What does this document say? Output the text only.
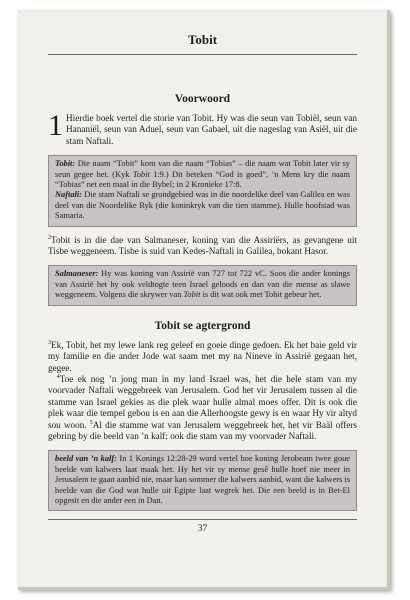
Tobit
Voorwoord

1 Hierdie boek vertel die storie van Tobit. Hy was die seun van Tobiël, seun van Hananiël, seun van Aduel, seun van Gabael, uit die nageslag van Asiël, uit die stam Naftali.

Tobit: Die naam “Tobit” kom van die naam “Tobias” – die naam wat Tobit later vir sy seun gegee het. (Kyk Tobit 1:9.) Dit beteken “God is goed”, ’n Mens kry die naam “Tobias” net een maal in die Bybel; in 2 Kronieke 17:8.

Naftali: Die stam Naftali se grondgebied was in die noordelike deel van Galilea en was deel van die Noordelike Ryk (die koninkryk van die tien stamme). Hulle hoofstad was Samaria.

$^2$Tobit is in die dae van Salmaneser, koning van die Assiriërs, as gevangene uit Tisbe weggeneem. Tisbe is suid van Kedes-Naftali in Galilea, bokant Hasor.

Salmaneser: Hy was koning van Assirië van 727 tot 722 vC. Soos die ander konings van Assirië het hy ook veldtogte teen Israel geloods en dan van die mense as slawe weggeneem. Volgens die skrywer van Tobit is dit wat ook met Tobit gebeur het.

Tobit se agtergrond

$^3$Ek, Tobit, het my lewe lank reg geleef en goeie dinge gedoen. Ek het baie geld vir my familie en die ander Jode wat saam met my na Nineve in Assirië gegaan het, gegee.

$^4$Toe ek nog ’n jong man in my land Israel was, het die hele stam van my voorvader Naftali weggebreek van Jerusalem. God het vir Jerusalem tussen al die stamme van Israel gekies as die plek waar hulle almal moes offer. Dit is ook die plek waar die tempel gebou is en aan die Allerhoogste gewy is en waar Hy vir altyd sou woon. $^5$Al die stamme wat van Jerusalem weggebreek het, het vir Baäl offers gebring by die beeld van ’n kalf; ook die stam van my voorvader Naftali.

beeld van ’n kalf: In 1 Konings 12:28-29 word vertel hoe koning Jerobeam twee goue beelde van kalwers laat maak het. Hy het vir sy mense gesê hulle hoef nie meer in Jerusalem te gaan aanbid nie, maar kan sommer die kalwers aanbid, want die kalwers is beelde van die God wat hulle uit Egipte laat wegrek het. Die een beeld is in Bet-El opgesit en die ander een in Dan.

37
